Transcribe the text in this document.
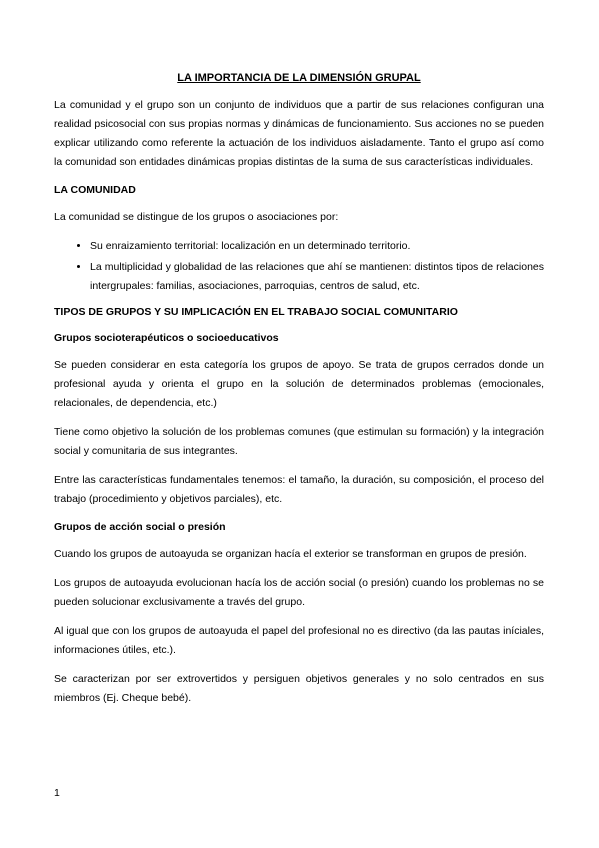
LA IMPORTANCIA DE LA DIMENSIÓN GRUPAL

La comunidad y el grupo son un conjunto de individuos que a partir de sus relaciones configuran una realidad psicosocial con sus propias normas y dinámicas de funcionamiento. Sus acciones no se pueden explicar utilizando como referente la actuación de los individuos aisladamente. Tanto el grupo así como la comunidad son entidades dinámicas propias distintas de la suma de sus características individuales.

LA COMUNIDAD

La comunidad se distingue de los grupos o asociaciones por:

• Su enraizamiento territorial: localización en un determinado territorio.
• La multiplicidad y globalidad de las relaciones que ahí se mantienen: distintos tipos de relaciones intergrupales: familias, asociaciones, parroquias, centros de salud, etc.
TIPOS DE GRUPOS Y SU IMPLICACIÓN EN EL TRABAJO SOCIAL COMUNITARIO
Grupos socioterapéuticos o socioeducativos

Se pueden considerar en esta categoría los grupos de apoyo. Se trata de grupos cerrados donde un profesional ayuda y orienta el grupo en la solución de determinados problemas (emocionales, relacionales, de dependencia, etc.)

Tiene como objetivo la solución de los problemas comunes (que estimulan su formación) y la integración social y comunitaria de sus integrantes.

Entre las características fundamentales tenemos: el tamaño, la duración, su composición, el proceso del trabajo (procedimiento y objetivos parciales), etc.

Grupos de acción social o presión

Cuando los grupos de autoayuda se organizan hacía el exterior se transforman en grupos de presión.

Los grupos de autoayuda evolucionan hacía los de acción social (o presión) cuando los problemas no se pueden solucionar exclusivamente a través del grupo.

Al igual que con los grupos de autoayuda el papel del profesional no es directivo (da las pautas iníciales, informaciones útiles, etc.).

Se caracterizan por ser extrovertidos y persiguen objetivos generales y no solo centrados en sus miembros (Ej. Cheque bebé).

1
